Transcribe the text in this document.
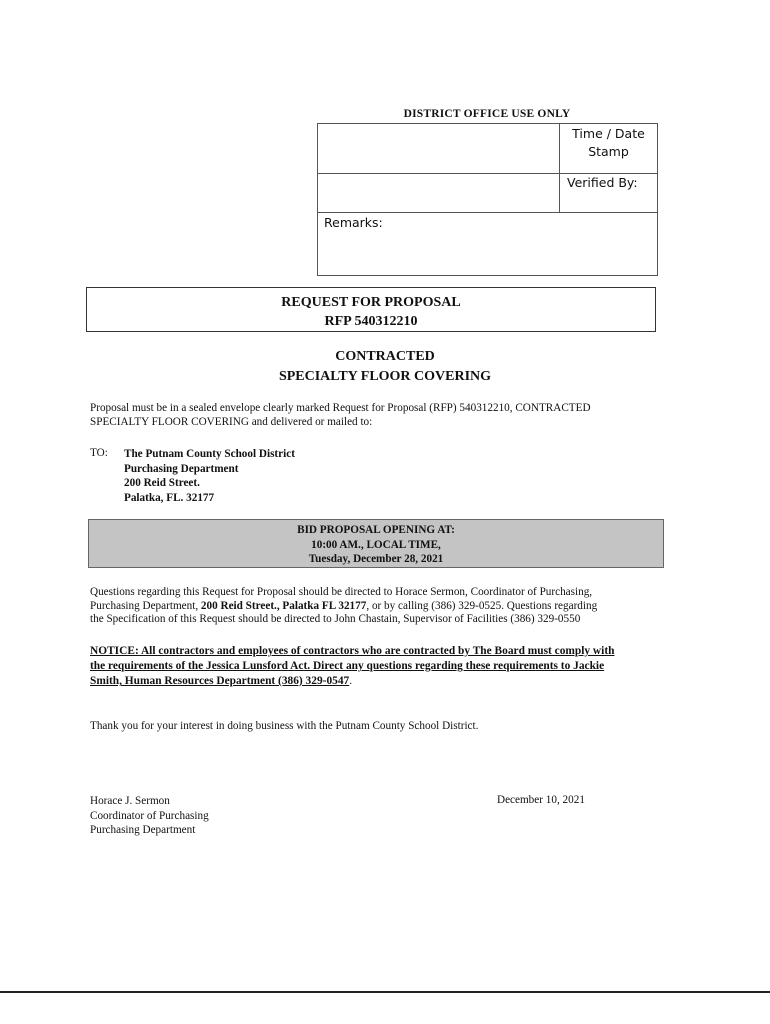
DISTRICT OFFICE USE ONLY
Time / Date
Stamp
Verified By:
Remarks:
REQUEST FOR PROPOSAL
RFP 540312210
CONTRACTED
SPECIALTY FLOOR COVERING
Proposal must be in a sealed envelope clearly marked Request for Proposal (RFP) 540312210, CONTRACTED
SPECIALTY FLOOR COVERING and delivered or mailed to:
TO: The Putnam County School District
Purchasing Department
200 Reid Street.
Palatka, FL. 32177
BID PROPOSAL OPENING AT:
10:00 AM., LOCAL TIME,
Tuesday, December 28, 2021
Questions regarding this Request for Proposal should be directed to Horace Sermon, Coordinator of Purchasing,
Purchasing Department, 200 Reid Street., Palatka FL 32177, or by calling (386) 329-0525. Questions regarding
the Specification of this Request should be directed to John Chastain, Supervisor of Facilities (386) 329-0550
NOTICE: All contractors and employees of contractors who are contracted by The Board must comply with
the requirements of the Jessica Lunsford Act. Direct any questions regarding these requirements to Jackie
Smith, Human Resources Department (386) 329-0547.
Thank you for your interest in doing business with the Putnam County School District.
Horace J. Sermon
Coordinator of Purchasing
Purchasing Department
December 10, 2021
